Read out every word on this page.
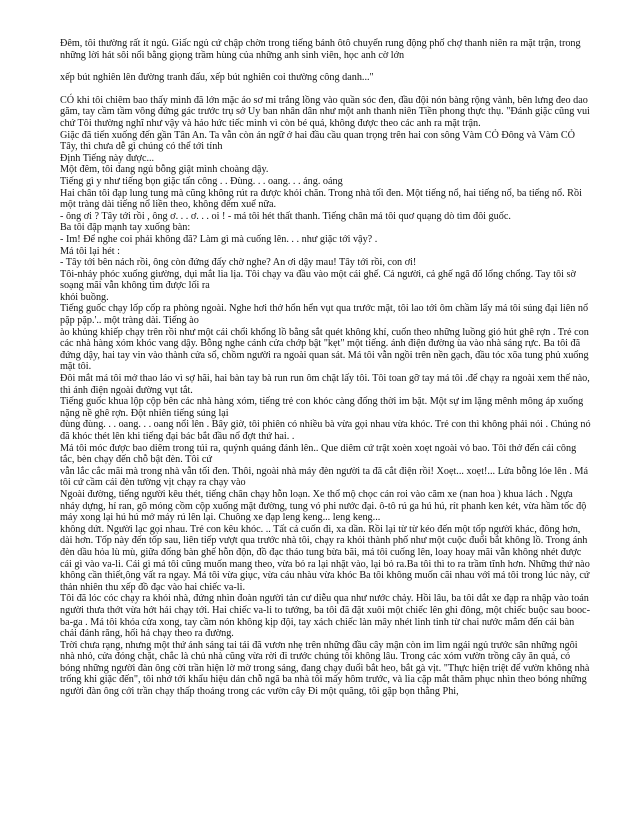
Đêm, tôi thường rất ít ngủ. Giấc ngủ cứ chập chờn trong tiếng bánh ôtô chuyển rung động phố chợ thanh niên ra mặt trận, trong những lời hát sôi nổi bằng giọng trầm hùng của những anh sinh viên, học anh cờ lớn

xếp bút nghiên lên đường tranh đấu, xếp bút nghiên coi thường công danh..."

CÓ khi tôi chiêm bao thấy mình đã lớn mặc áo sơ mi trắng lồng vào quần sóc đen, đầu đội nón bàng rộng vành, bên lưng đeo dao găm, tay cầm tầm vông đứng gác trước trụ sở Uy ban nhân dân như một anh thanh niên Tiền phong thực thụ. "Đánh giặc cũng vui chứ Tôi thường nghĩ như vậy và hảo hức tiếc mình vì còn bé quá, không được theo các anh ra mặt trận.

Giặc đã tiến xuống đến gần Tân An. Ta vẫn còn án ngữ ở hai đầu cầu quan trọng trên hai con sông Vàm CỎ Đông và Vàm CỎ Tây, thì chưa dễ gì chúng có thể tới tỉnh

Định Tiếng này được...

Một đêm, tôi đang ngủ bỗng giật mình choàng dậy.

Tiếng gì y như tiếng bọn giặc tấn công . . Đùng. . . oang. . . áng. oáng

Hai chân tôi đạp lung tung mà cũng không rút ra được khỏi chăn. Trong nhà tối đen. Một tiếng nổ, hai tiếng nổ, ba tiếng nổ. Rồi một tràng dài tiếng nổ liền theo, không đếm xuể nữa.

- ông ơi ? Tây tới rồi , ông ơ. . . ơ. . . oi ! - má tôi hét thất thanh. Tiếng chân má tôi quơ quạng dò tìm đôi guốc.

Ba tôi đập mạnh tay xuống bàn:

- Im! Để nghe coi phải không đã? Làm gì mà cuống lên. . . như giặc tới vậy? .

Má tôi lại hét :

- Tây tới bên nách rồi, ông còn đứng đấy chờ nghe? An ơi dậy mau! Tây tới rồi, con ơi!

Tôi-nhảy phóc xuống giường, dụi mắt lia lịa. Tôi chạy va đầu vào một cái ghế. Cả người, cả ghế ngã đổ lổng chổng. Tay tôi sờ soạng mãi vẫn không tìm được lối ra

khỏi buồng.

Tiếng guốc chạy lốp cốp ra phòng ngoài. Nghe hơi thở hổn hển vụt qua trước mặt, tôi lao tới ôm chầm lấy má tôi súng đại liên nổ pặp pặp.'.. một tràng dài. Tiếng ào

ào khủng khiếp chạy trên rồi như một cái chổi khổng lồ bằng sắt quét không khí, cuốn theo những luồng gió hút ghê rợn . Trẻ con các nhà hàng xóm khóc vang dậy. Bỗng nghe cánh cửa chớp bật "kẹt" một tiếng. ánh điện đường ùa vào nhà sáng rực. Ba tôi đã đứng dậy, hai tay vin vào thành cửa sổ, chồm người ra ngoài quan sát. Má tôi vẫn ngồi trên nền gạch, đầu tóc xõa tung phủ xuống mặt tôi.

Đôi mắt má tôi mở thao láo vì sợ hãi, hai bàn tay bà run run ôm chặt lấy tôi. Tôi toan gỡ tay má tôi .để chạy ra ngoài xem thế nào, thì ánh điện ngoài đường vụt tắt.

Tiếng guốc khua lộp cộp bên các nhà hàng xóm, tiếng trẻ con khóc càng đống thời im bặt. Một sự im lặng mênh mông áp xuống nặng nề ghê rợn. Đột nhiên tiếng súng lại

đùng đùng. . . oang. . . oang nổi lên . Bây giờ, tôi phiên có nhiều bà vừa gọi nhau vừa khóc. Trẻ con thì không phải nói . Chúng nó đã khóc thét lên khi tiếng đại bác bắt đầu nổ đợt thứ hai. .

Má tôi móc được bao diêm trong túi ra, quýnh quáng đánh lên.. Que diêm cứ trật xoèn xoẹt ngoài vỏ bao. Tôi thở đến cái công tắc, bèn chạy đến chỗ bật đèn. Tôi cứ

vẫn lắc cắc mãi mà trong nhà vẫn tối đen. Thôi, ngoài nhà máy đèn người ta đã cắt điện rồi! Xoẹt... xoẹt!... Lửa bỗng lóe lên . Má tôi cứ cầm cái đèn tường vịt chạy ra chạy vào

Ngoài đường, tiếng người kêu thét, tiếng chân chạy hỗn loạn. Xe thổ mộ chọc cán roi vào căm xe (nan hoa ) khua lách . Ngựa nháy dựng, hí ran, gõ móng cồm cộp xuống mặt đường, tung vó phi nước đại. ô-tô rú ga hú hú, rít phanh ken két, vừa hầm tốc độ máy xong lại hú hú mở máy rú lên lại. Chuông xe đạp leng keng... leng keng...

không dứt. Người lạc gọi nhau. Trẻ con kêu khóc. .. Tất cả cuốn đi, xa dần. Rồi lại từ từ kéo đến một tốp người khác, đông hơn, dài hơn. Tốp này đến tốp sau, liên tiếp vượt qua trước nhà tôi, chạy ra khỏi thành phố như một cuộc đuổi bắt không lồ. Trong ánh đèn dầu hỏa lù mù, giữa đống bàn ghế hỗn độn, đồ đạc tháo tung bừa bãi, má tôi cuống lên, loay hoay mãi vẫn không nhét được cái gì vào va-li. Cái gì má tôi cũng muốn mang theo, vừa bỏ ra lại nhặt vào, lại bỏ ra.Ba tôi thì to ra trầm tĩnh hơn. Những thứ nào không cần thiết,ông vất ra ngay. Má tôi vừa giục, vừa cáu nhàu vừa khóc Ba tôi không muốn cãi nhau với má tôi trong lúc này, cứ thản nhiên thu xếp đồ đạc vào hai chiếc va-li.

Tôi đã lóc cóc chạy ra khỏi nhà, đứng nhìn đoàn người tản cư diễu qua như nước chảy. Hồi lâu, ba tôi dắt xe đạp ra nhập vào toán người thưa thớt vừa hớt hải chạy tới. Hai chiếc va-li to tướng, ba tôi đã đặt xuôi một chiếc lên ghi đông, một chiếc buộc sau booc-ba-ga . Má tôi khóa cửa xong, tay cầm nón không kịp đội, tay xách chiếc làn mây nhét linh tinh từ chai nước mắm đến cái bàn chải đánh răng, hối hả chạy theo ra đường.

Trời chưa rạng, nhưng một thứ ánh sáng tai tái đã vươn nhẹ trên những đầu cây mận còn im lìm ngái ngủ trước sân những ngôi nhà nhỏ, cửa đóng chặt, chắc là chủ nhà cũng vừa rời đi trước chúng tôi không lâu. Trong các xóm vườn trồng cây ăn quả, có bóng những người đàn ông cời trần hiện lờ mờ trong sáng, đang chạy đuổi bắt heo, bắt gà vịt. "Thực hiện triệt để vườn không nhà trống khi giặc đến", tôi nhớ tới khẩu hiệu dán chỗ ngã ba nhà tôi mấy hôm trước, và lia cặp mắt thăm phục nhìn theo bóng những người đàn ông cởi trần chạy thấp thoáng trong các vườn cây Đi một quãng, tôi gặp bọn thằng Phi,
